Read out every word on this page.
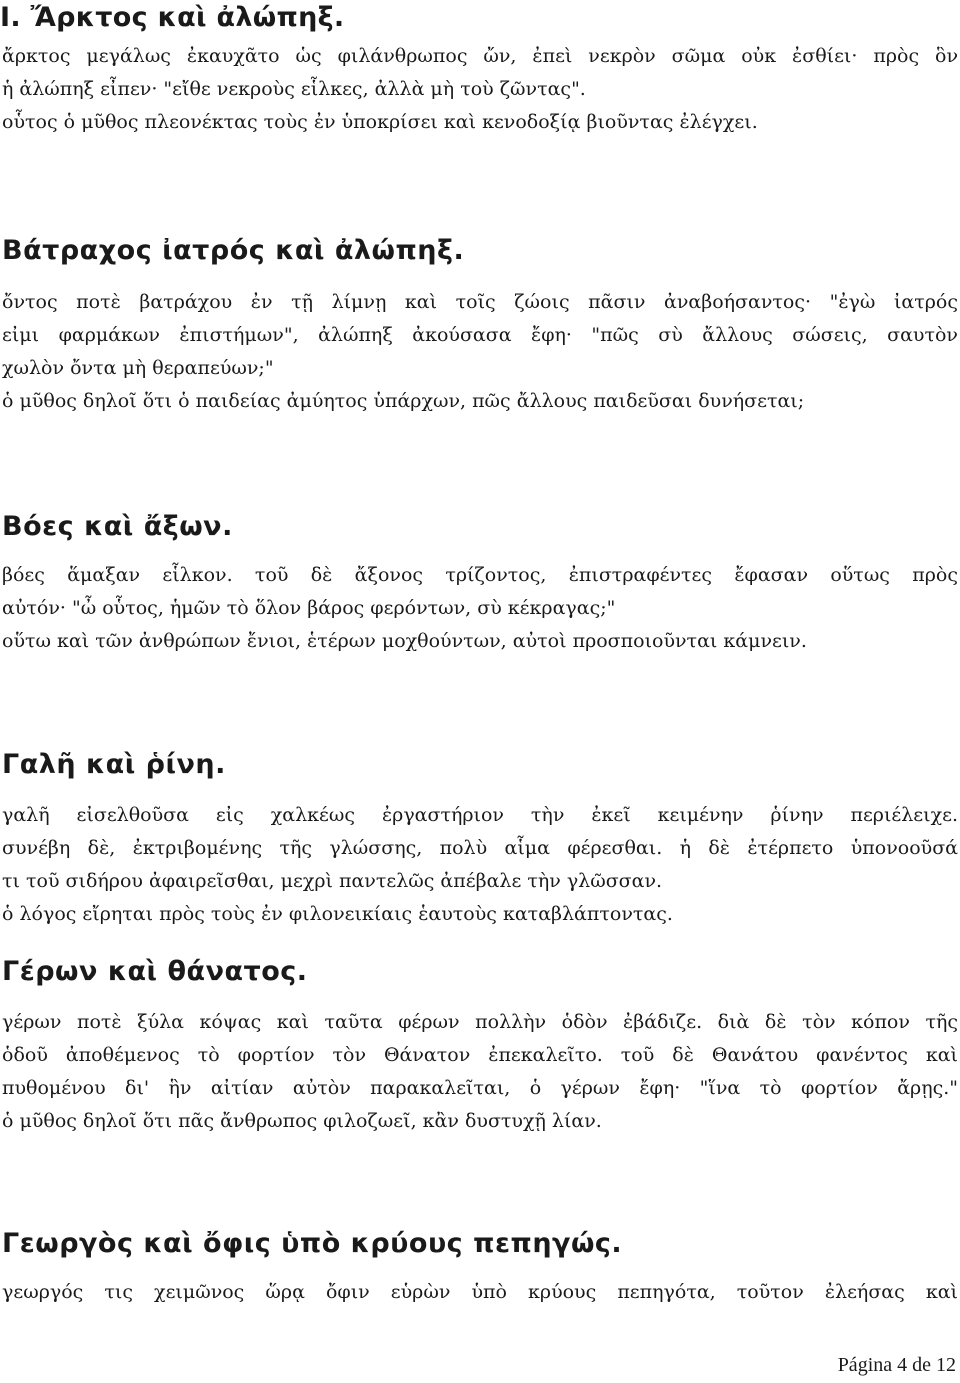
I. Ἄρκτος καὶ ἀλώπηξ.
ἄρκτος μεγάλως ἐκαυχᾶτο ὡς φιλάνθρωπος ὤν, ἐπεὶ νεκρὸν σῶμα οὐκ ἐσθίει· πρὸς ὃν
ἡ ἀλώπηξ εἶπεν· "εἴθε νεκροὺς εἷλκες, ἀλλὰ μὴ τοὺ ζῶντας".
οὗτος ὁ μῦθος πλεονέκτας τοὺς ἐν ὑποκρίσει καὶ κενοδοξίᾳ βιοῦντας ἐλέγχει.
Βάτραχος ἰατρός καὶ ἀλώπηξ.
ὄντος ποτὲ βατράχου ἐν τῇ λίμνῃ καὶ τοῖς ζώοις πᾶσιν ἀναβοήσαντος· "ἐγὼ ἰατρός
εἰμι φαρμάκων ἐπιστήμων", ἀλώπηξ ἀκούσασα ἔφη· "πῶς σὺ ἄλλους σώσεις, σαυτὸν
χωλὸν ὄντα μὴ θεραπεύων;"
ὁ μῦθος δηλοῖ ὅτι ὁ παιδείας ἀμύητος ὑπάρχων, πῶς ἄλλους παιδεῦσαι δυνήσεται;
Βόες καὶ ἄξων.
βόες ἅμαξαν εἷλκον. τοῦ δὲ ἄξονος τρίζοντος, ἐπιστραφέντες ἔφασαν οὕτως πρὸς
αὐτόν· "ὦ οὗτος, ἡμῶν τὸ ὅλον βάρος φερόντων, σὺ κέκραγας;"
οὕτω καὶ τῶν ἀνθρώπων ἔνιοι, ἑτέρων μοχθούντων, αὐτοὶ προσποιοῦνται κάμνειν.
Γαλῆ καὶ ῥίνη.
γαλῆ εἰσελθοῦσα εἰς χαλκέως ἐργαστήριον τὴν ἐκεῖ κειμένην ῥίνην περιέλειχε.
συνέβη δὲ, ἐκτριβομένης τῆς γλώσσης, πολὺ αἷμα φέρεσθαι. ἡ δὲ ἐτέρπετο ὑπονοοῦσά
τι τοῦ σιδήρου ἀφαιρεῖσθαι, μεχρὶ παντελῶς ἀπέβαλε τὴν γλῶσσαν.
ὁ λόγος εἴρηται πρὸς τοὺς ἐν φιλονεικίαις ἑαυτοὺς καταβλάπτοντας.
Γέρων καὶ θάνατος.
γέρων ποτὲ ξύλα κόψας καὶ ταῦτα φέρων πολλὴν ὁδὸν ἐβάδιζε. διὰ δὲ τὸν κόπον τῆς
ὁδοῦ ἀποθέμενος τὸ φορτίον τὸν Θάνατον ἐπεκαλεῖτο. τοῦ δὲ Θανάτου φανέντος καὶ
πυθομένου δι' ἣν αἰτίαν αὐτὸν παρακαλεῖται, ὁ γέρων ἔφη· "ἵνα τὸ φορτίον ἄρῃς."
ὁ μῦθος δηλοῖ ὅτι πᾶς ἄνθρωπος φιλοζωεῖ, κἂν δυστυχῇ λίαν.
Γεωργὸς καὶ ὄφις ὑπὸ κρύους πεπηγώς.
γεωργός τις χειμῶνος ὥρᾳ ὄφιν εὑρὼν ὑπὸ κρύους πεπηγότα, τοῦτον ἐλεήσας καὶ
Página 4 de 12
